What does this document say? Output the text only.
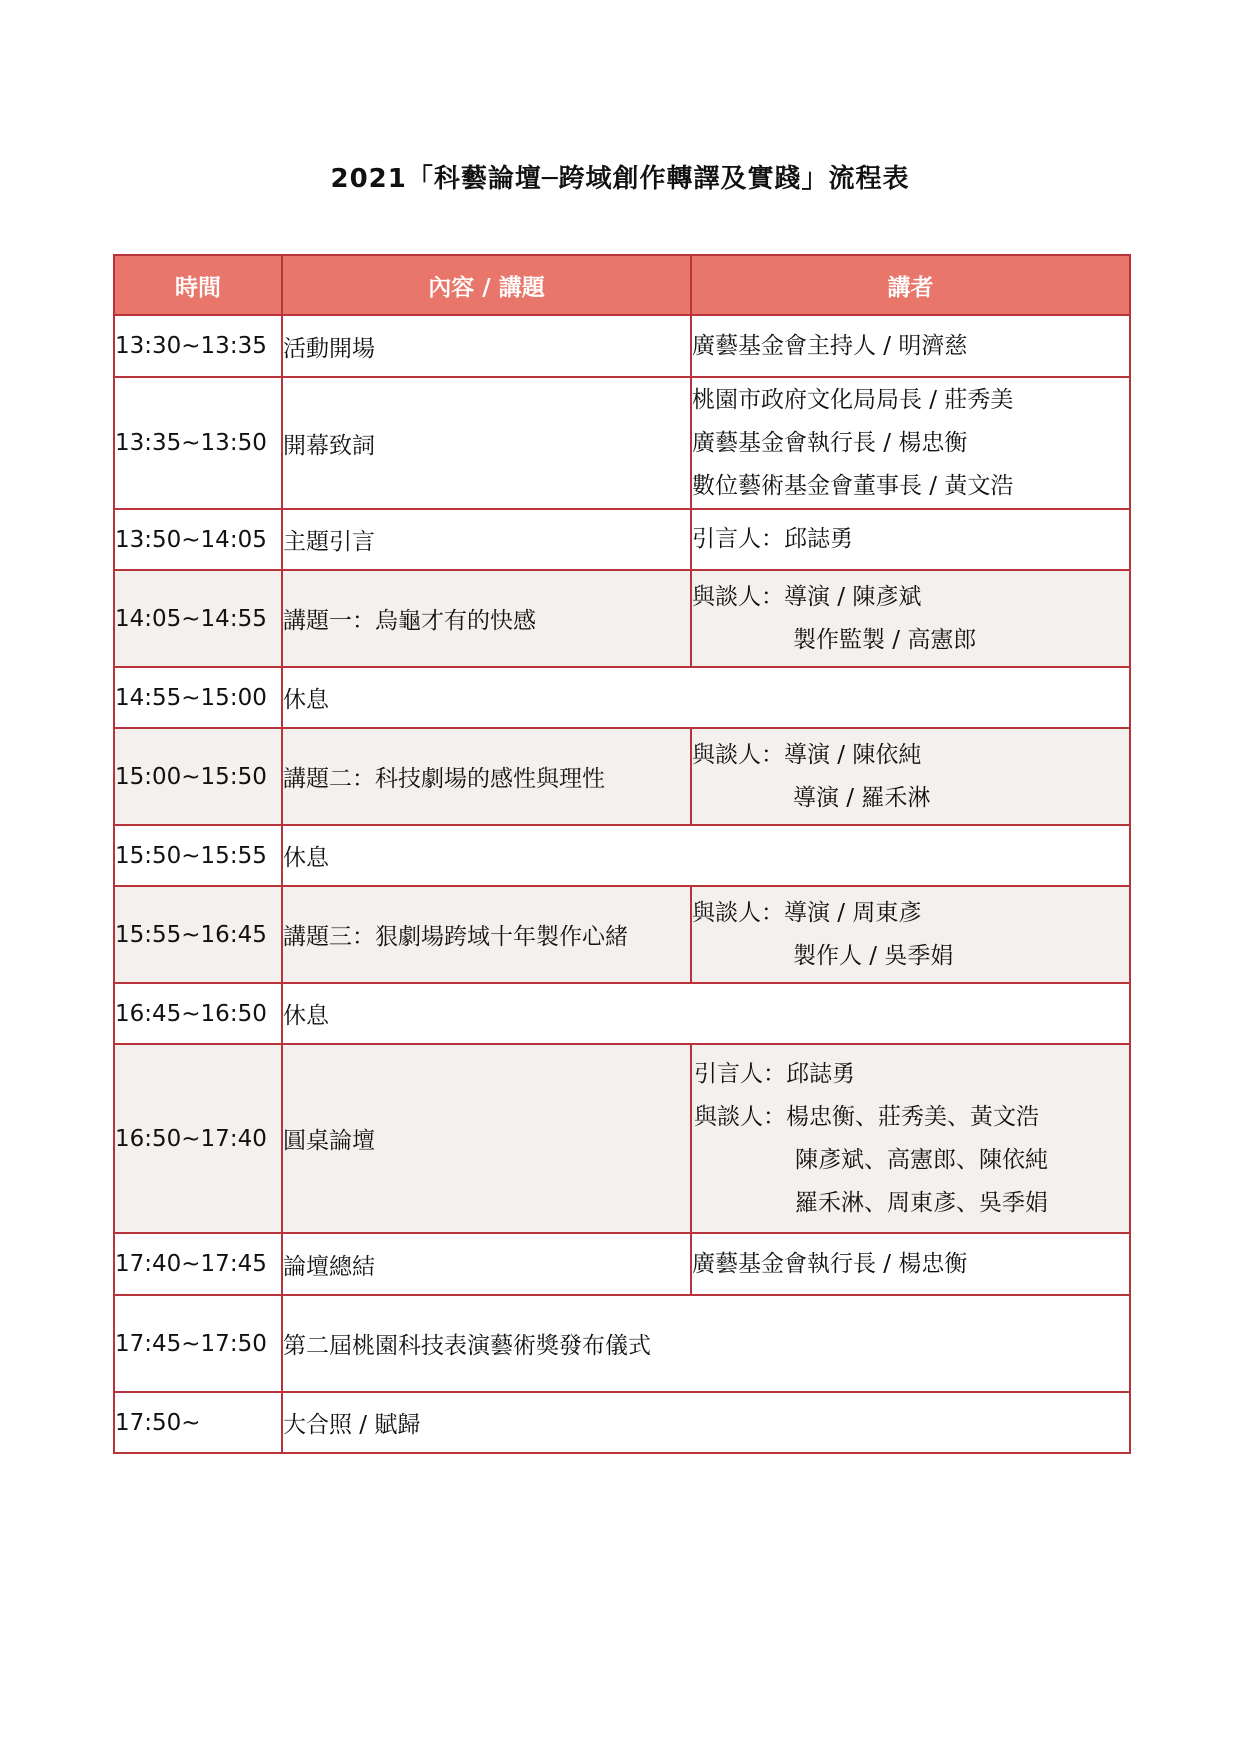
2021「科藝論壇─跨域創作轉譯及實踐」流程表
時間	內容 / 講題	講者
13:30~13:35	活動開場	廣藝基金會主持人 / 明濟慈

13:35~13:50	開幕致詞	桃園市政府文化局局長 / 莊秀美
廣藝基金會執行長 / 楊忠衡
數位藝術基金會董事長 / 黃文浩

13:50~14:05	主題引言	引言人：邱誌勇

14:05~14:55	講題一：烏龜才有的快感	與談人：導演 / 陳彥斌
製作監製 / 高憲郎

14:55~15:00	休息	
15:00~15:50	講題二：科技劇場的感性與理性	與談人：導演 / 陳依純
導演 / 羅禾淋

15:50~15:55	休息	
15:55~16:45	講題三：狠劇場跨域十年製作心緒	與談人：導演 / 周東彥
製作人 / 吳季娟

16:45~16:50	休息	
16:50~17:40	圓桌論壇	引言人：邱誌勇
與談人：楊忠衡、莊秀美、黃文浩
陳彥斌、高憲郎、陳依純
羅禾淋、周東彥、吳季娟

17:40~17:45	論壇總結	廣藝基金會執行長 / 楊忠衡

17:45~17:50	第二屆桃園科技表演藝術獎發布儀式	
17:50~	大合照 / 賦歸	
